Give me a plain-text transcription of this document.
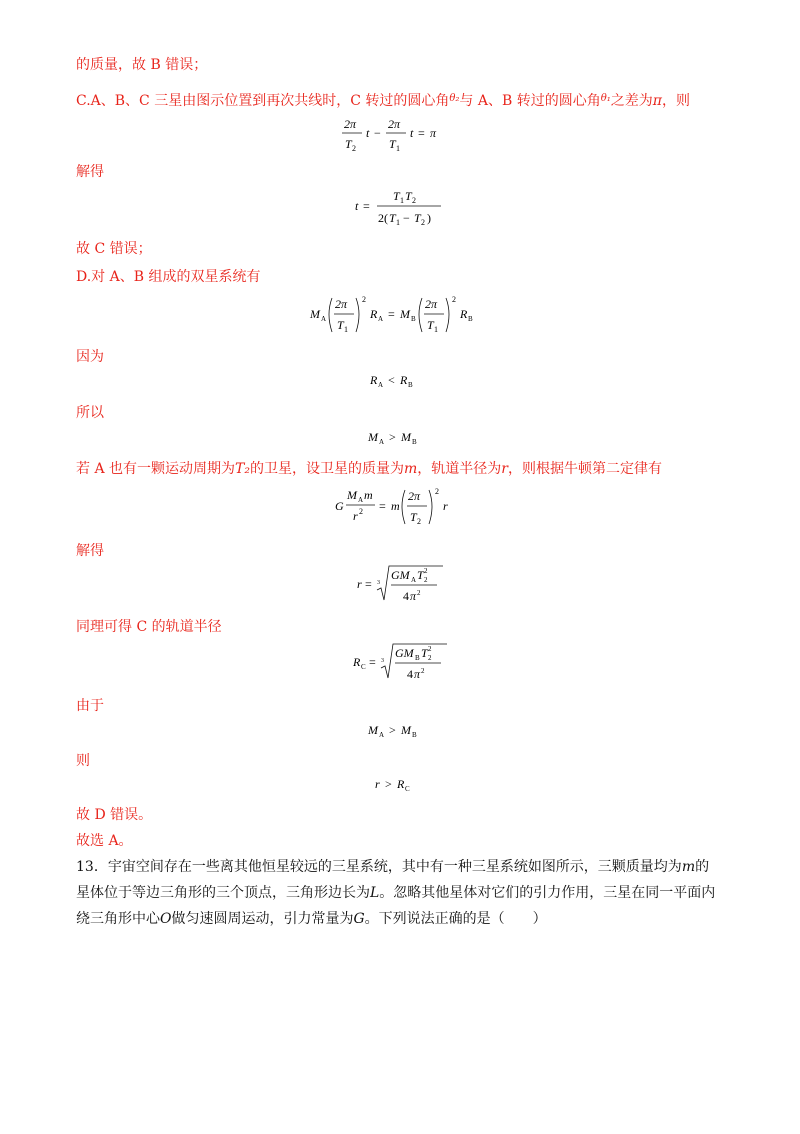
的质量，故 B 错误；
C.A、B、C 三星由图示位置到再次共线时，C 转过的圆心角$^{\theta_2}$与 A、B 转过的圆心角$^{\theta_1}$之差为π，则
2π
T 2
t −
2π
T 1
t = π
解得
t =
T 1 T 2
2( T 1 − T 2 )
故 C 错误；
D.对 A、B 组成的双星系统有
M A
2π
T 1
2
R A = M B
2π
T 1
2
R B
因为
R A < R B
所以
M A > M B
若 A 也有一颗运动周期为T₂的卫星，设卫星的质量为m，轨道半径为r，则根据牛顿第二定律有
G
M A m
r 2 = m
2π
T 2
2
r
解得
r = 3
GM A T 2
2
4 π 2
同理可得 C 的轨道半径
R C = 3
GM B T 2
2
4 π 2
由于
M A > M B
则
r > R C
故 D 错误。
故选 A。
13．宇宙空间存在一些离其他恒星较远的三星系统，其中有一种三星系统如图所示，三颗质量均为m的
星体位于等边三角形的三个顶点，三角形边长为L。忽略其他星体对它们的引力作用，三星在同一平面内
绕三角形中心O做匀速圆周运动，引力常量为G。下列说法正确的是（　　）
